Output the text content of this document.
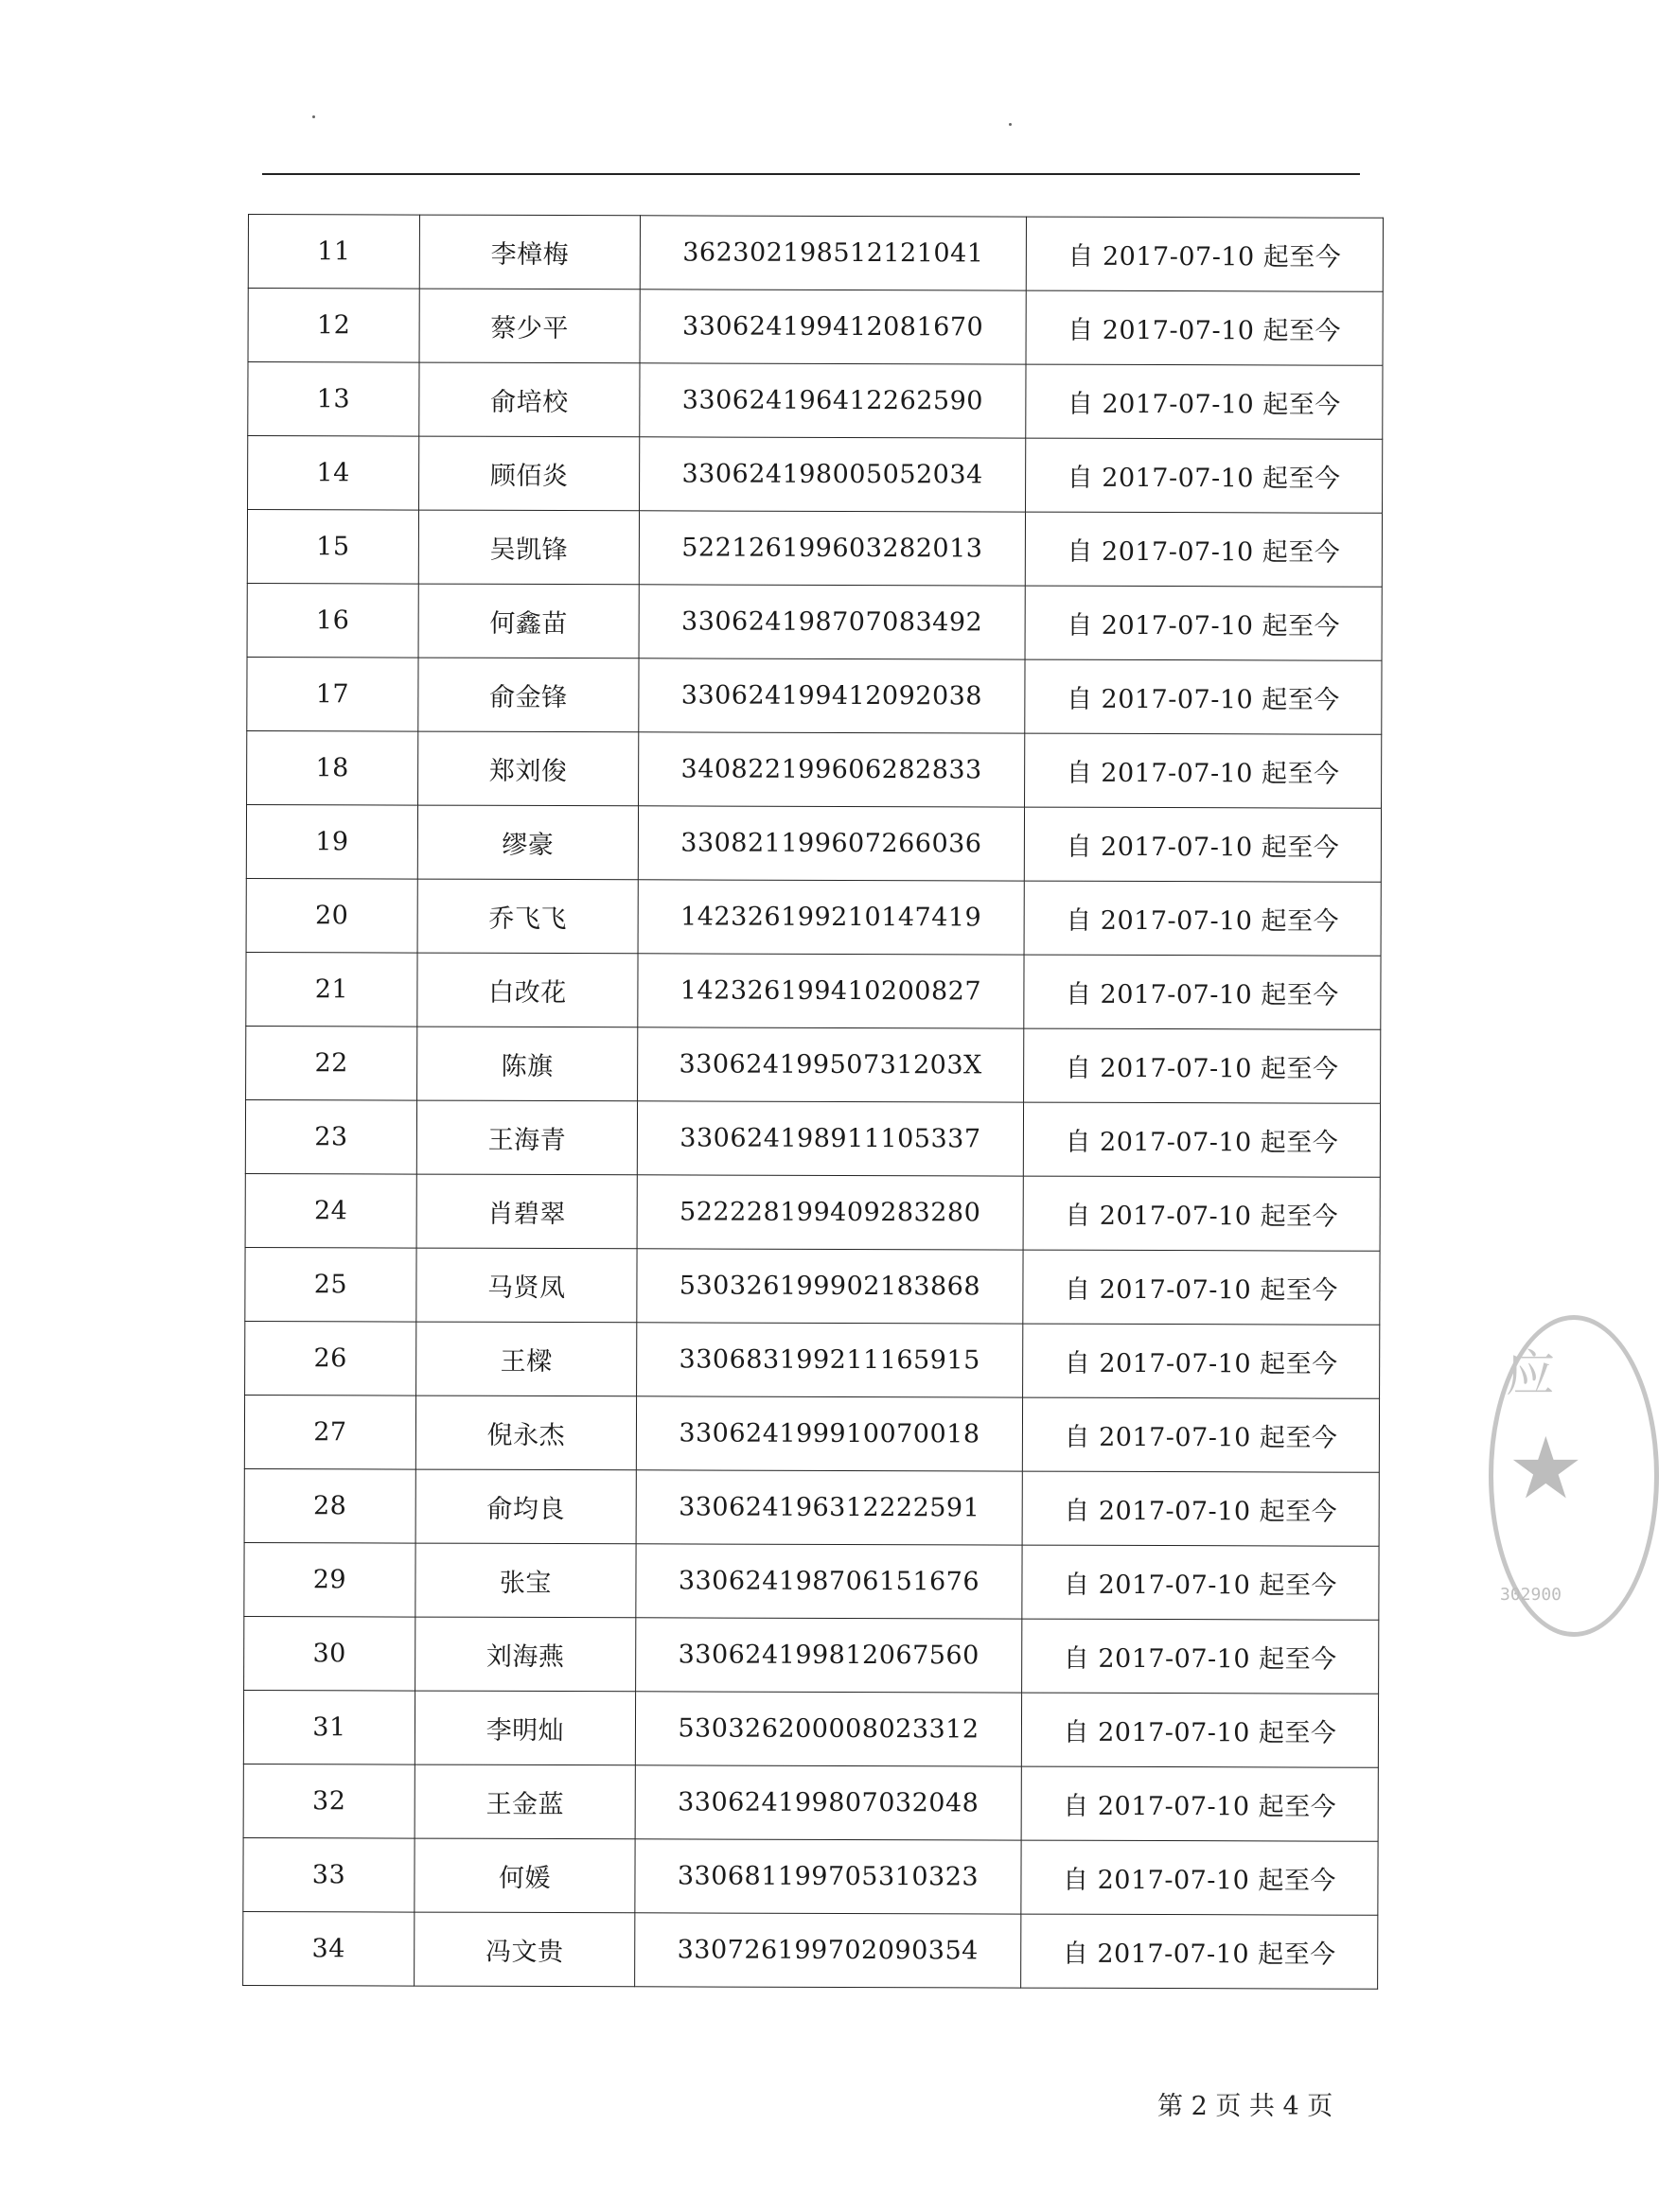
11	李樟梅	362302198512121041	自 2017-07-10 起至今
12	蔡少平	330624199412081670	自 2017-07-10 起至今
13	俞培校	330624196412262590	自 2017-07-10 起至今
14	顾佰炎	330624198005052034	自 2017-07-10 起至今
15	吴凯锋	522126199603282013	自 2017-07-10 起至今
16	何鑫苗	330624198707083492	自 2017-07-10 起至今
17	俞金锋	330624199412092038	自 2017-07-10 起至今
18	郑刘俊	340822199606282833	自 2017-07-10 起至今
19	缪豪	330821199607266036	自 2017-07-10 起至今
20	乔飞飞	142326199210147419	自 2017-07-10 起至今
21	白改花	142326199410200827	自 2017-07-10 起至今
22	陈旗	33062419950731203X	自 2017-07-10 起至今
23	王海青	330624198911105337	自 2017-07-10 起至今
24	肖碧翠	522228199409283280	自 2017-07-10 起至今
25	马贤凤	530326199902183868	自 2017-07-10 起至今
26	王樑	330683199211165915	自 2017-07-10 起至今
27	倪永杰	330624199910070018	自 2017-07-10 起至今
28	俞均良	330624196312222591	自 2017-07-10 起至今
29	张宝	330624198706151676	自 2017-07-10 起至今
30	刘海燕	330624199812067560	自 2017-07-10 起至今
31	李明灿	530326200008023312	自 2017-07-10 起至今
32	王金蓝	330624199807032048	自 2017-07-10 起至今
33	何媛	330681199705310323	自 2017-07-10 起至今
34	冯文贵	330726199702090354	自 2017-07-10 起至今
应
★
302900
第 2 页 共 4 页
